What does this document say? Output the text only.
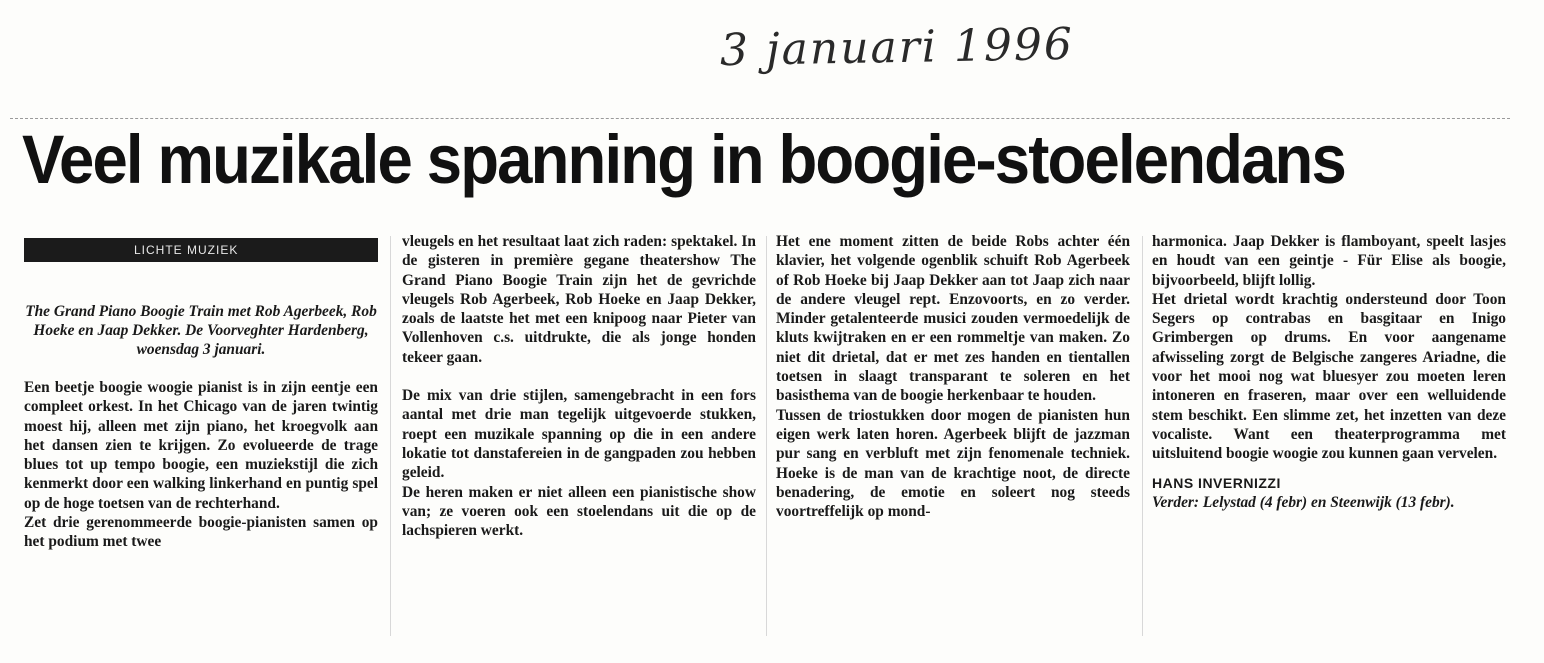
3 januari 1996
Veel muzikale spanning in boogie-stoelendans
LICHTE MUZIEK

The Grand Piano Boogie Train met Rob Agerbeek, Rob Hoeke en Jaap Dekker. De Voorveghter Hardenberg, woensdag 3 januari.

Een beetje boogie woogie pianist is in zijn eentje een compleet orkest. In het Chicago van de jaren twintig moest hij, alleen met zijn piano, het kroegvolk aan het dansen zien te krijgen. Zo evolueerde de trage blues tot up tempo boogie, een muziekstijl die zich kenmerkt door een walking linkerhand en puntig spel op de hoge toetsen van de rechterhand.

Zet drie gerenommeerde boogie-pianisten samen op het podium met twee

vleugels en het resultaat laat zich raden: spektakel. In de gisteren in première gegane theatershow The Grand Piano Boogie Train zijn het de gevrichde vleugels Rob Agerbeek, Rob Hoeke en Jaap Dekker, zoals de laatste het met een knipoog naar Pieter van Vollenhoven c.s. uitdrukte, die als jonge honden tekeer gaan.

De mix van drie stijlen, samengebracht in een fors aantal met drie man tegelijk uitgevoerde stukken, roept een muzikale spanning op die in een andere lokatie tot danstafereien in de gangpaden zou hebben geleid.

De heren maken er niet alleen een pianistische show van; ze voeren ook een stoelendans uit die op de lachspieren werkt.

Het ene moment zitten de beide Robs achter één klavier, het volgende ogenblik schuift Rob Agerbeek of Rob Hoeke bij Jaap Dekker aan tot Jaap zich naar de andere vleugel rept. Enzovoorts, en zo verder. Minder getalenteerde musici zouden vermoedelijk de kluts kwijtraken en er een rommeltje van maken. Zo niet dit drietal, dat er met zes handen en tientallen toetsen in slaagt transparant te soleren en het basisthema van de boogie herkenbaar te houden.

Tussen de triostukken door mogen de pianisten hun eigen werk laten horen. Agerbeek blijft de jazzman pur sang en verbluft met zijn fenomenale techniek. Hoeke is de man van de krachtige noot, de directe benadering, de emotie en soleert nog steeds voortreffelijk op mond-

harmonica. Jaap Dekker is flamboyant, speelt lasjes en houdt van een geintje - Für Elise als boogie, bijvoorbeeld, blijft lollig.

Het drietal wordt krachtig ondersteund door Toon Segers op contrabas en basgitaar en Inigo Grimbergen op drums. En voor aangename afwisseling zorgt de Belgische zangeres Ariadne, die voor het mooi nog wat bluesyer zou moeten leren intoneren en fraseren, maar over een welluidende stem beschikt. Een slimme zet, het inzetten van deze vocaliste. Want een theaterprogramma met uitsluitend boogie woogie zou kunnen gaan vervelen.

HANS INVERNIZZI

Verder: Lelystad (4 febr) en Steenwijk (13 febr).
